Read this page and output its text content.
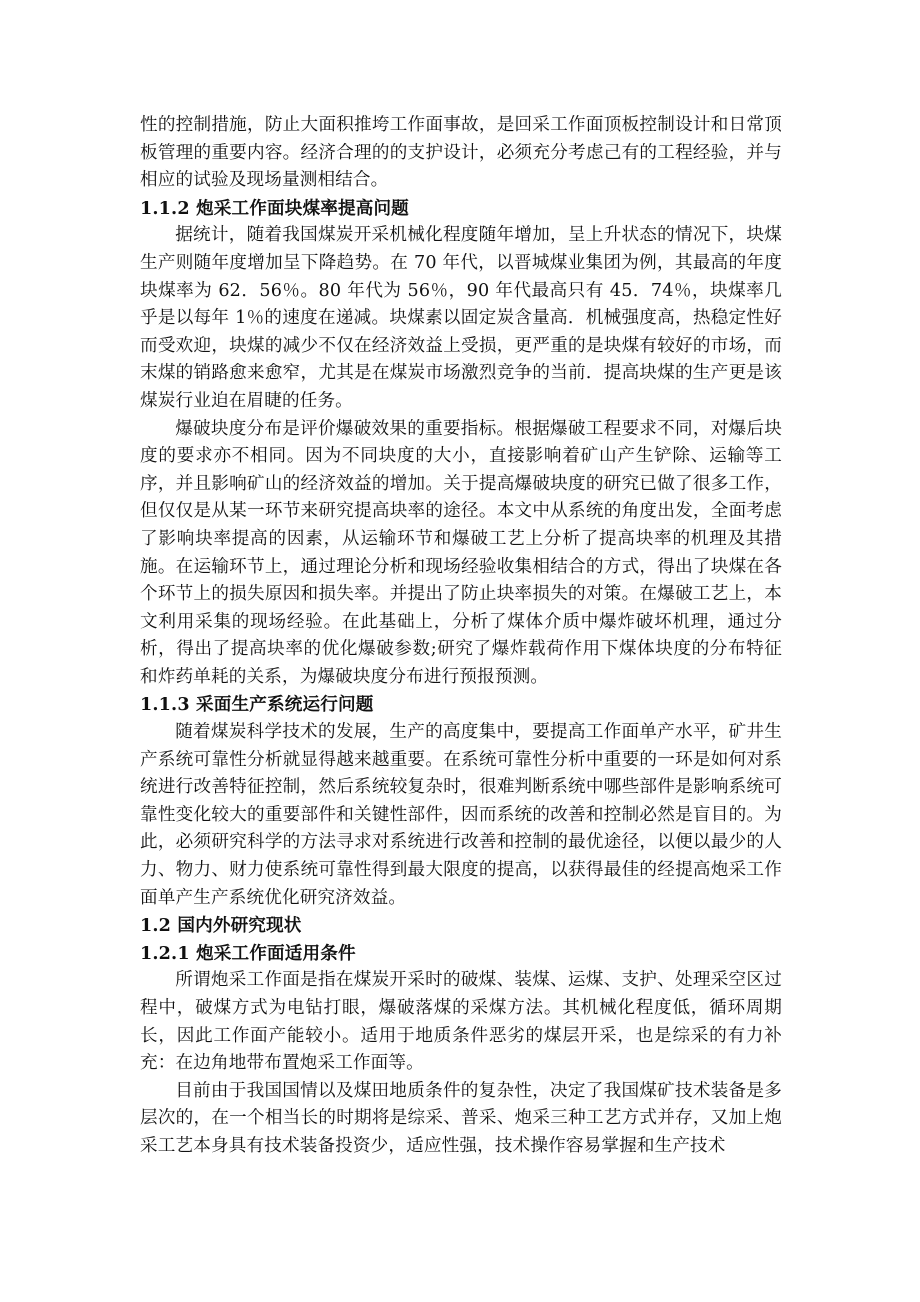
性的控制措施，防止大面积推垮工作面事故，是回采工作面顶板控制设计和日常顶板管理的重要内容。经济合理的的支护设计，必须充分考虑己有的工程经验，并与相应的试验及现场量测相结合。

1.1.2 炮采工作面块煤率提高问题

据统计，随着我国煤炭开采机械化程度随年增加，呈上升状态的情况下，块煤生产则随年度增加呈下降趋势。在 70 年代，以晋城煤业集团为例，其最高的年度块煤率为 62．56％。80 年代为 56％，90 年代最高只有 45．74％，块煤率几乎是以每年 1％的速度在递减。块煤素以固定炭含量高．机械强度高，热稳定性好而受欢迎，块煤的减少不仅在经济效益上受损，更严重的是块煤有较好的市场，而末煤的销路愈来愈窄，尤其是在煤炭市场激烈竞争的当前．提高块煤的生产更是该煤炭行业迫在眉睫的任务。

爆破块度分布是评价爆破效果的重要指标。根据爆破工程要求不同，对爆后块度的要求亦不相同。因为不同块度的大小，直接影响着矿山产生铲除、运输等工序，并且影响矿山的经济效益的增加。关于提高爆破块度的研究已做了很多工作，但仅仅是从某一环节来研究提高块率的途径。本文中从系统的角度出发，全面考虑了影响块率提高的因素，从运输环节和爆破工艺上分析了提高块率的机理及其措施。在运输环节上，通过理论分析和现场经验收集相结合的方式，得出了块煤在各个环节上的损失原因和损失率。并提出了防止块率损失的对策。在爆破工艺上，本文利用采集的现场经验。在此基础上，分析了煤体介质中爆炸破坏机理，通过分析，得出了提高块率的优化爆破参数;研究了爆炸载荷作用下煤体块度的分布特征和炸药单耗的关系，为爆破块度分布进行预报预测。

1.1.3 采面生产系统运行问题

随着煤炭科学技术的发展，生产的高度集中，要提高工作面单产水平，矿井生产系统可靠性分析就显得越来越重要。在系统可靠性分析中重要的一环是如何对系统进行改善特征控制，然后系统较复杂时，很难判断系统中哪些部件是影响系统可靠性变化较大的重要部件和关键性部件，因而系统的改善和控制必然是盲目的。为此，必须研究科学的方法寻求对系统进行改善和控制的最优途径，以便以最少的人力、物力、财力使系统可靠性得到最大限度的提高，以获得最佳的经提高炮采工作面单产生产系统优化研究济效益。

1.2 国内外研究现状
1.2.1 炮采工作面适用条件

所谓炮采工作面是指在煤炭开采时的破煤、装煤、运煤、支护、处理采空区过程中，破煤方式为电钻打眼，爆破落煤的采煤方法。其机械化程度低，循环周期长，因此工作面产能较小。适用于地质条件恶劣的煤层开采，也是综采的有力补充：在边角地带布置炮采工作面等。

目前由于我国国情以及煤田地质条件的复杂性，决定了我国煤矿技术装备是多层次的，在一个相当长的时期将是综采、普采、炮采三种工艺方式并存，又加上炮采工艺本身具有技术装备投资少，适应性强，技术操作容易掌握和生产技术
